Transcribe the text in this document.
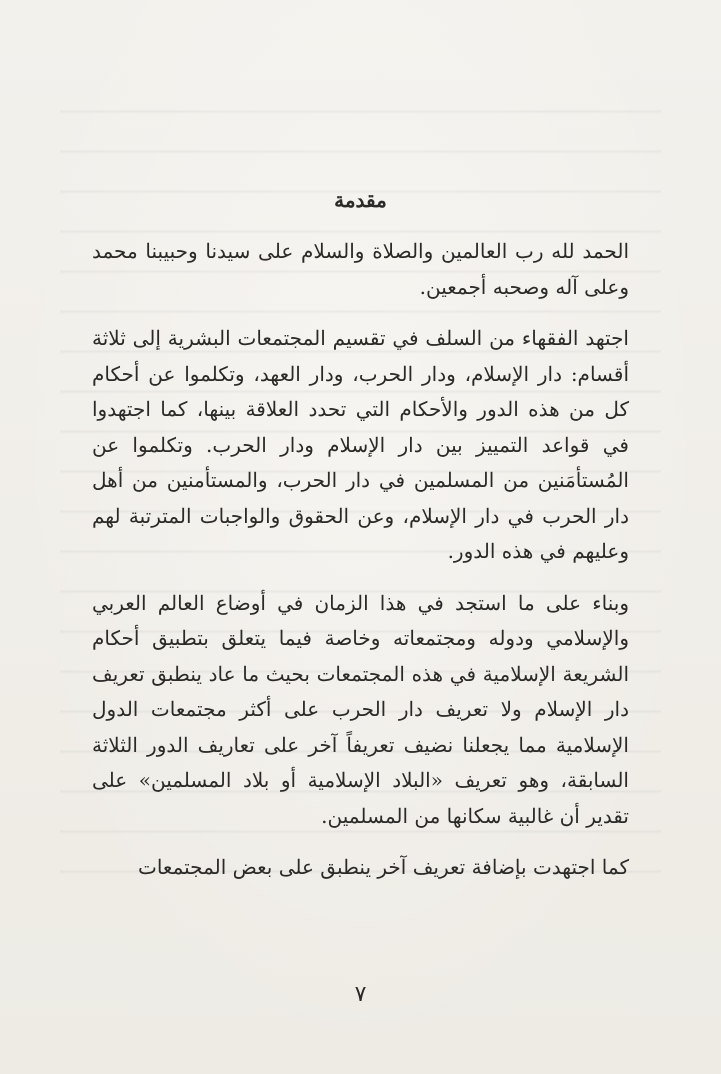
مقدمة

الحمد لله رب العالمين والصلاة والسلام على سيدنا وحبيبنا محمد وعلى آله وصحبه أجمعين.

اجتهد الفقهاء من السلف في تقسيم المجتمعات البشرية إلى ثلاثة أقسام: دار الإسلام، ودار الحرب، ودار العهد، وتكلموا عن أحكام كل من هذه الدور والأحكام التي تحدد العلاقة بينها، كما اجتهدوا في قواعد التمييز بين دار الإسلام ودار الحرب. وتكلموا عن المُستأمَنين من المسلمين في دار الحرب، والمستأمنين من أهل دار الحرب في دار الإسلام، وعن الحقوق والواجبات المترتبة لهم وعليهم في هذه الدور.

وبناء على ما استجد في هذا الزمان في أوضاع العالم العربي والإسلامي ودوله ومجتمعاته وخاصة فيما يتعلق بتطبيق أحكام الشريعة الإسلامية في هذه المجتمعات بحيث ما عاد ينطبق تعريف دار الإسلام ولا تعريف دار الحرب على أكثر مجتمعات الدول الإسلامية مما يجعلنا نضيف تعريفاً آخر على تعاريف الدور الثلاثة السابقة، وهو تعريف «البلاد الإسلامية أو بلاد المسلمين» على تقدير أن غالبية سكانها من المسلمين.

كما اجتهدت بإضافة تعريف آخر ينطبق على بعض المجتمعات

٧
